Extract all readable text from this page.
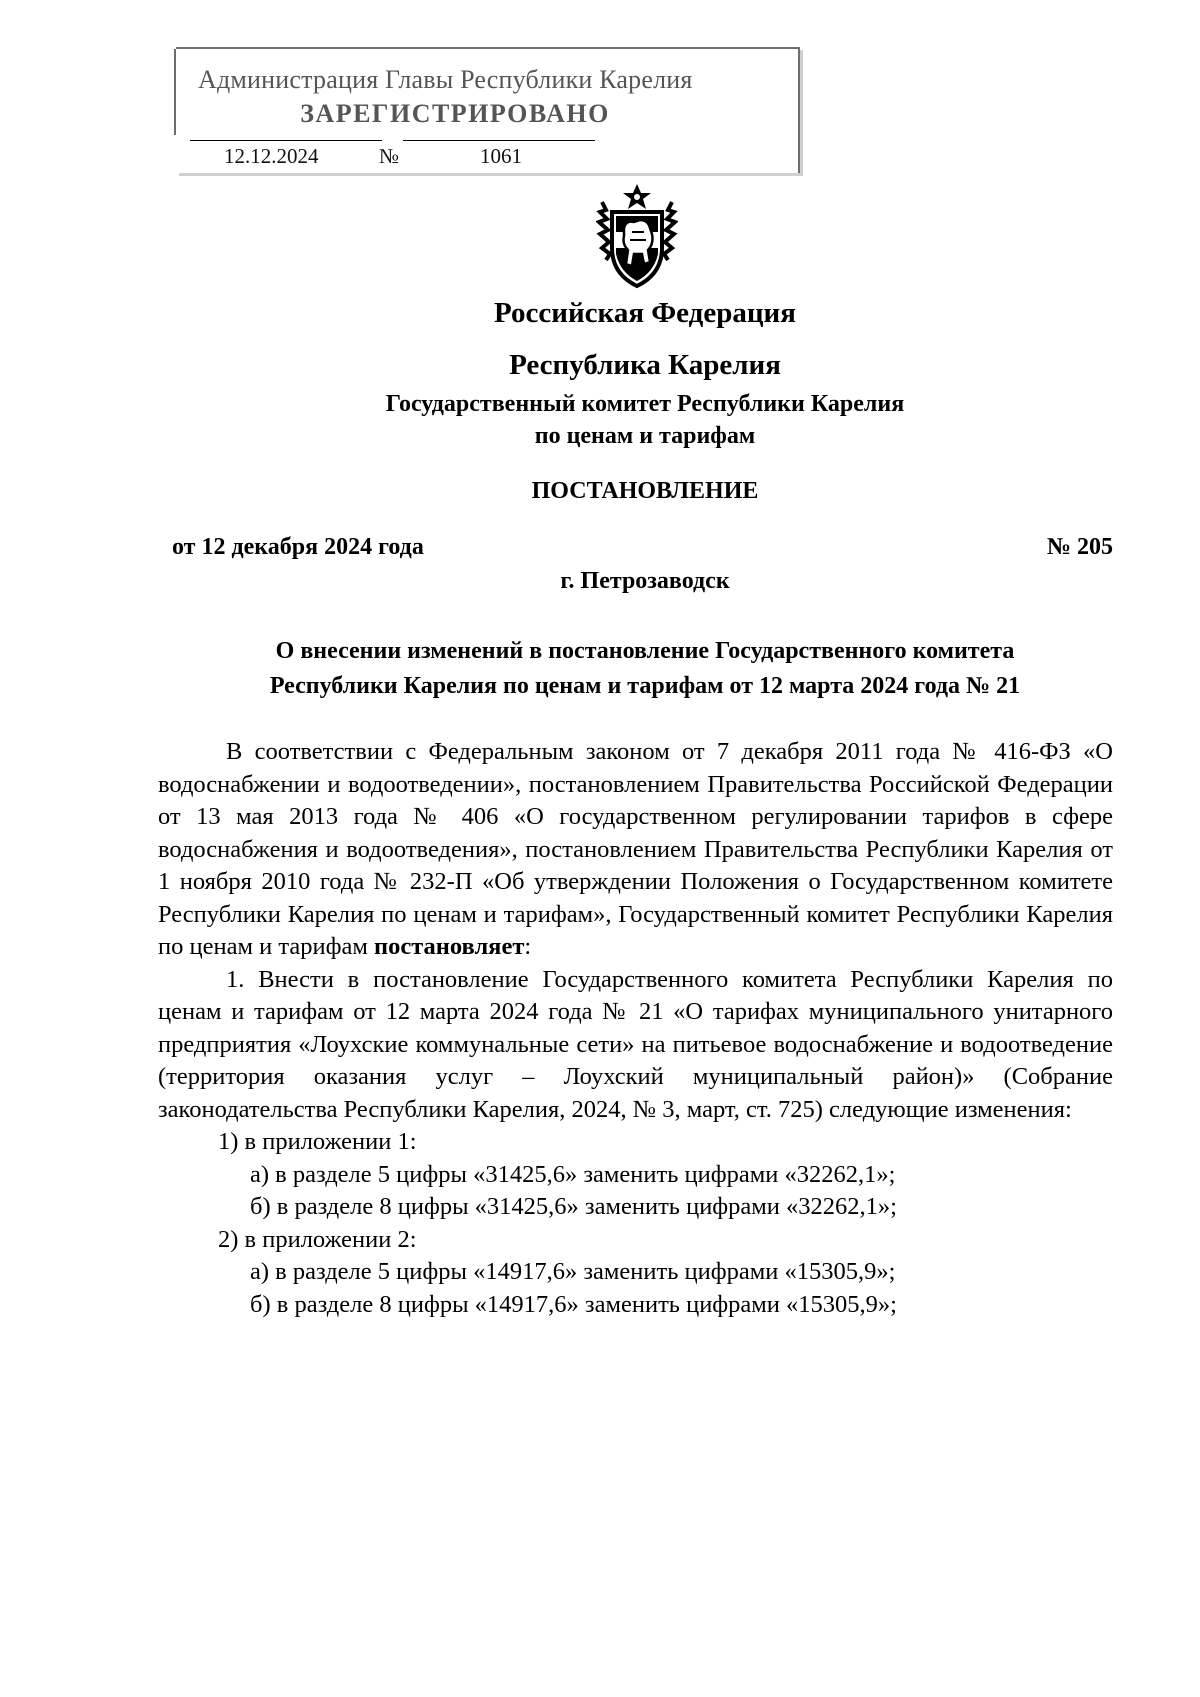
Администрация Главы Республики Карелия
ЗАРЕГИСТРИРОВАНО
12.12.2024	№	1061
Российская Федерация
Республика Карелия
Государственный комитет Республики Карелия
по ценам и тарифам
ПОСТАНОВЛЕНИЕ
от 12 декабря 2024 года	№ 205
г. Петрозаводск
О внесении изменений в постановление Государственного комитета
Республики Карелия по ценам и тарифам от 12 марта 2024 года № 21

В соответствии с Федеральным законом от 7 декабря 2011 года № 416-ФЗ «О водоснабжении и водоотведении», постановлением Правительства Российской Федерации от 13 мая 2013 года № 406 «О государственном регулировании тарифов в сфере водоснабжения и водоотведения», постановлением Правительства Республики Карелия от 1 ноября 2010 года № 232-П «Об утверждении Положения о Государственном комитете Республики Карелия по ценам и тарифам», Государственный комитет Республики Карелия по ценам и тарифам постановляет:

1. Внести в постановление Государственного комитета Республики Карелия по ценам и тарифам от 12 марта 2024 года № 21 «О тарифах муниципального унитарного предприятия «Лоухские коммунальные сети» на питьевое водоснабжение и водоотведение (территория оказания услуг – Лоухский муниципальный район)» (Собрание законодательства Республики Карелия, 2024, № 3, март, ст. 725) следующие изменения:

1) в приложении 1:
а) в разделе 5 цифры «31425,6» заменить цифрами «32262,1»;
б) в разделе 8 цифры «31425,6» заменить цифрами «32262,1»;
2) в приложении 2:
а) в разделе 5 цифры «14917,6» заменить цифрами «15305,9»;
б) в разделе 8 цифры «14917,6» заменить цифрами «15305,9»;
